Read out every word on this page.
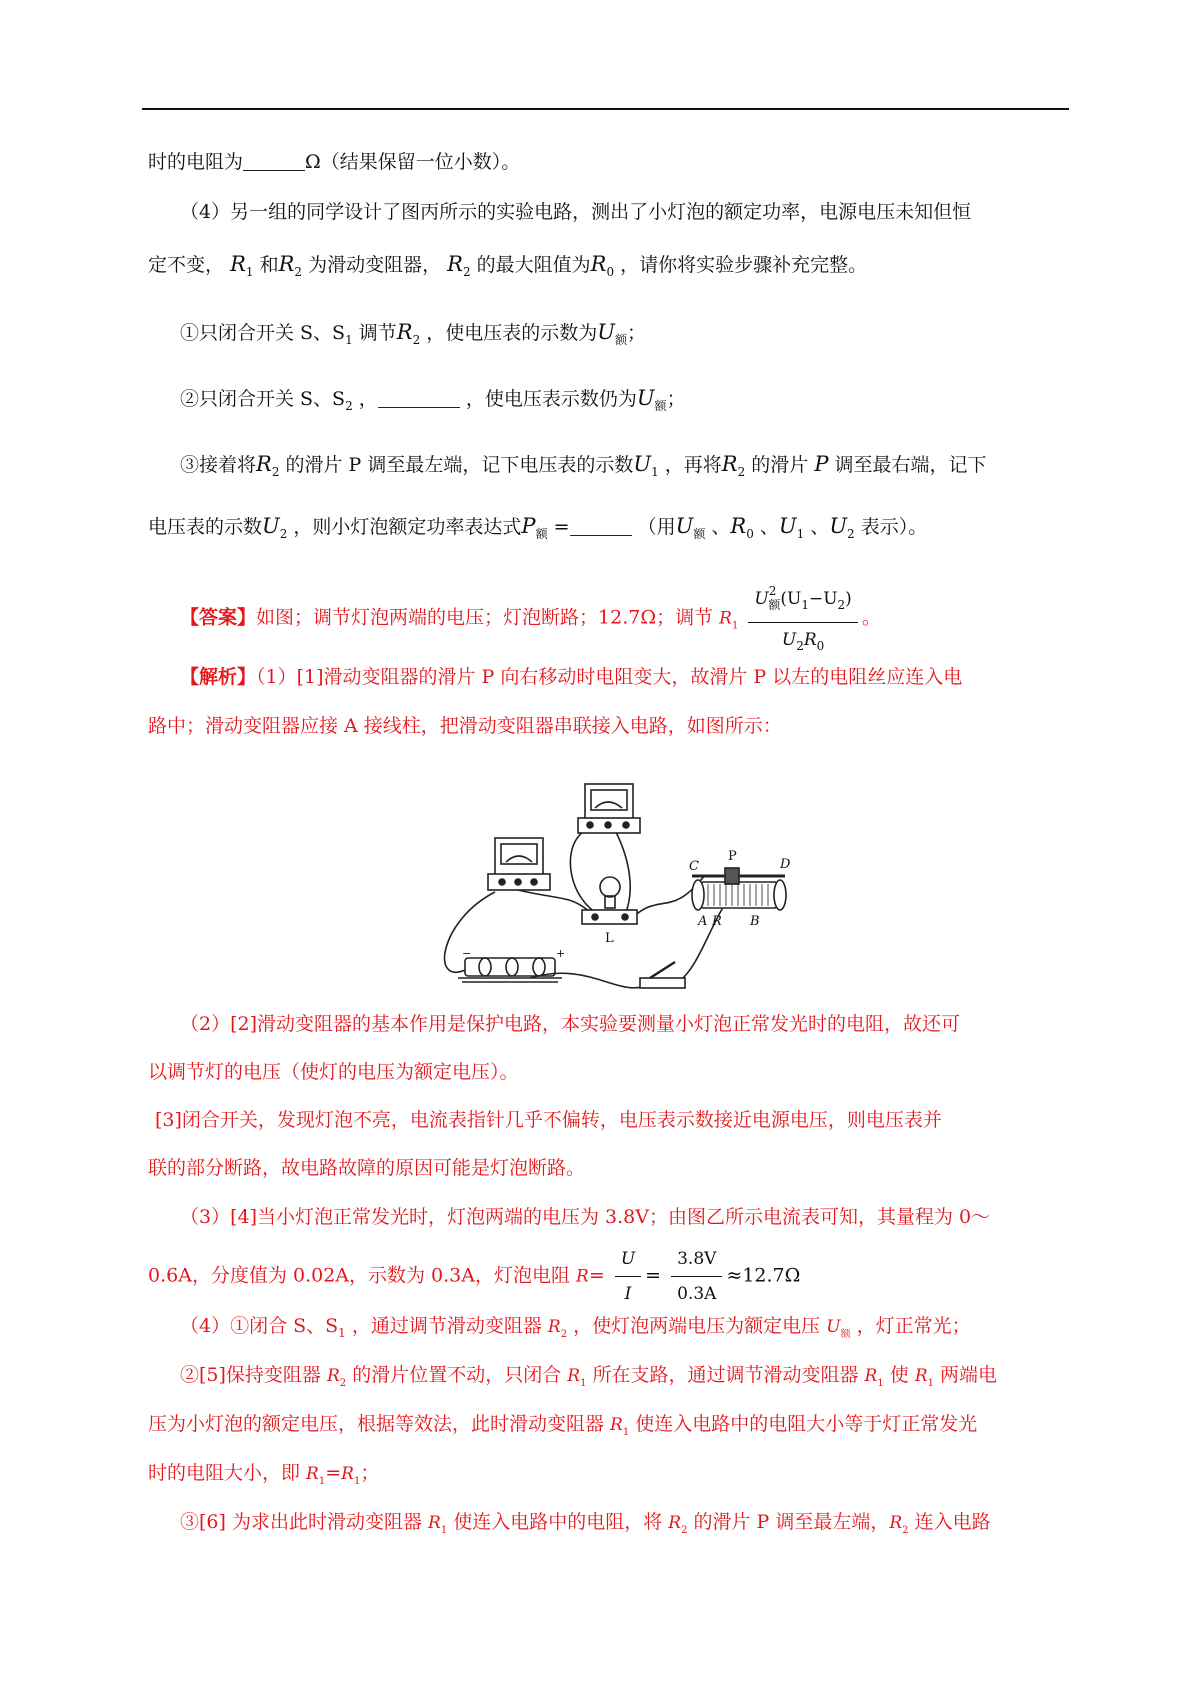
时的电阻为	Ω（结果保留一位小数）。
（4）另一组的同学设计了图丙所示的实验电路，测出了小灯泡的额定功率，电源电压未知但恒
定不变， $R_1$ 和$R_2$ 为滑动变阻器， $R_2$ 的最大阻值为$R_0$ ，请你将实验步骤补充完整。
①只闭合开关 S、$S_1$ 调节$R_2$ ，使电压表的示数为$U_额$；
②只闭合开关 S、$S_2$ ，	，使电压表示数仍为$U_额$；
③接着将$R_2$ 的滑片 P 调至最左端，记下电压表的示数$U_1$ ，再将$R_2$ 的滑片 P 调至最右端，记下
电压表的示数$U_2$ ，则小灯泡额定功率表达式$P_额$ =	（用$U_额$ 、$R_0$ 、$U_1$ 、$U_2$ 表示）。
【答案】如图；调节灯泡两端的电压；灯泡断路；12.7Ω；调节 $R_1 \frac{U^2_额(U_1-U_2)}{U_2R_0}$ 。
【解析】（1）[1]滑动变阻器的滑片 P 向右移动时电阻变大，故滑片 P 以左的电阻丝应连入电
路中；滑动变阻器应接 A 接线柱，把滑动变阻器串联接入电路，如图所示：
C
P
D
A R B
L
+
−
（2）[2]滑动变阻器的基本作用是保护电路，本实验要测量小灯泡正常发光时的电阻，故还可
以调节灯的电压（使灯的电压为额定电压）。
[3]闭合开关，发现灯泡不亮，电流表指针几乎不偏转，电压表示数接近电源电压，则电压表并
联的部分断路，故电路故障的原因可能是灯泡断路。
（3）[4]当小灯泡正常发光时，灯泡两端的电压为 3.8V；由图乙所示电流表可知，其量程为 0～
0.6A，分度值为 0.02A，示数为 0.3A，灯泡电阻 $R= \frac{U}{I} = \frac{3.8V}{0.3A} \approx 12.7\Omega$
（4）①闭合 S、$S_1$ ，通过调节滑动变阻器 $R_2$ ，使灯泡两端电压为额定电压 $U_额$ ，灯正常光；
②[5]保持变阻器 $R_2$ 的滑片位置不动，只闭合 $R_1$ 所在支路，通过调节滑动变阻器 $R_1$ 使 $R_1$ 两端电
压为小灯泡的额定电压，根据等效法，此时滑动变阻器 $R_1$ 使连入电路中的电阻大小等于灯正常发光
时的电阻大小，即 $R_1=R_1$；
③[6] 为求出此时滑动变阻器 $R_1$ 使连入电路中的电阻，将 $R_2$ 的滑片 P 调至最左端，$R_2$ 连入电路
